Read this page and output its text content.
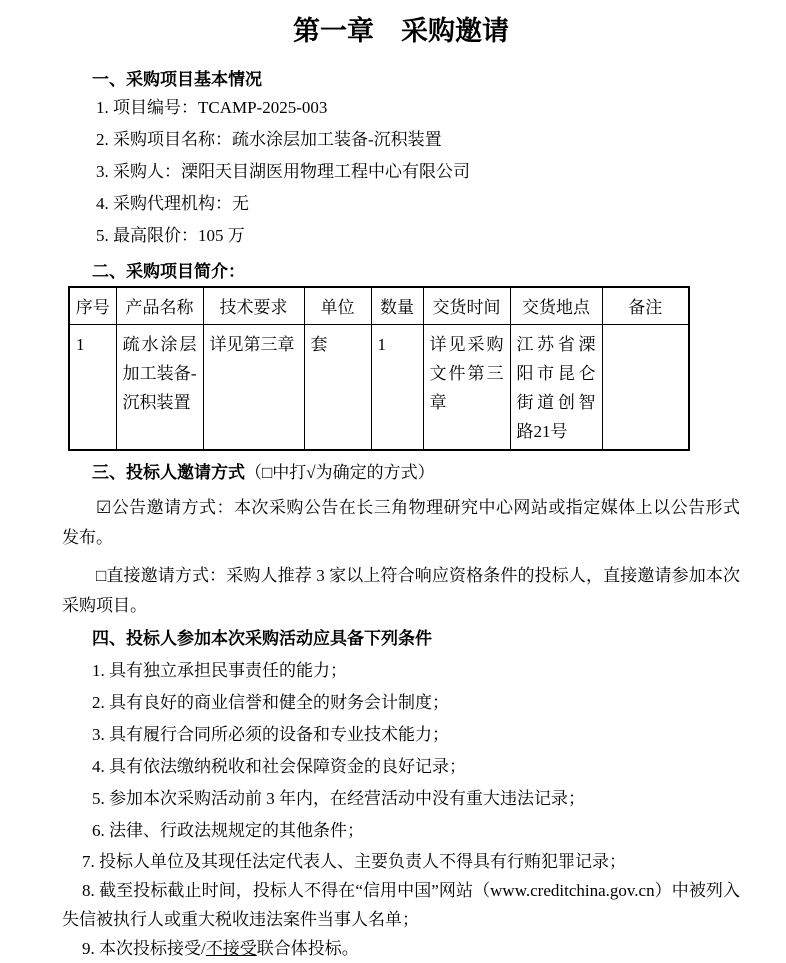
第一章　采购邀请
一、采购项目基本情况

1. 项目编号：TCAMP-2025-003

2. 采购项目名称：疏水涂层加工装备-沉积装置

3. 采购人：溧阳天目湖医用物理工程中心有限公司

4. 采购代理机构：无

5. 最高限价：105 万

二、采购项目简介：
序号	产品名称	技术要求	单位	数量	交货时间	交货地点	备注
1	疏水涂层加工装备-沉积装置	详见第三章	套	1	详见采购文件第三章	江苏省溧阳市昆仑街道创智路21号	
三、投标人邀请方式（□中打√为确定的方式）

☑公告邀请方式：本次采购公告在长三角物理研究中心网站或指定媒体上以公告形式发布。

□直接邀请方式：采购人推荐 3 家以上符合响应资格条件的投标人，直接邀请参加本次采购项目。

四、投标人参加本次采购活动应具备下列条件

1. 具有独立承担民事责任的能力；

2. 具有良好的商业信誉和健全的财务会计制度；

3. 具有履行合同所必须的设备和专业技术能力；

4. 具有依法缴纳税收和社会保障资金的良好记录；

5. 参加本次采购活动前 3 年内，在经营活动中没有重大违法记录；

6. 法律、行政法规规定的其他条件；

7. 投标人单位及其现任法定代表人、主要负责人不得具有行贿犯罪记录；

8. 截至投标截止时间，投标人不得在“信用中国”网站（www.creditchina.gov.cn）中被列入失信被执行人或重大税收违法案件当事人名单；

9. 本次投标接受/不接受联合体投标。
